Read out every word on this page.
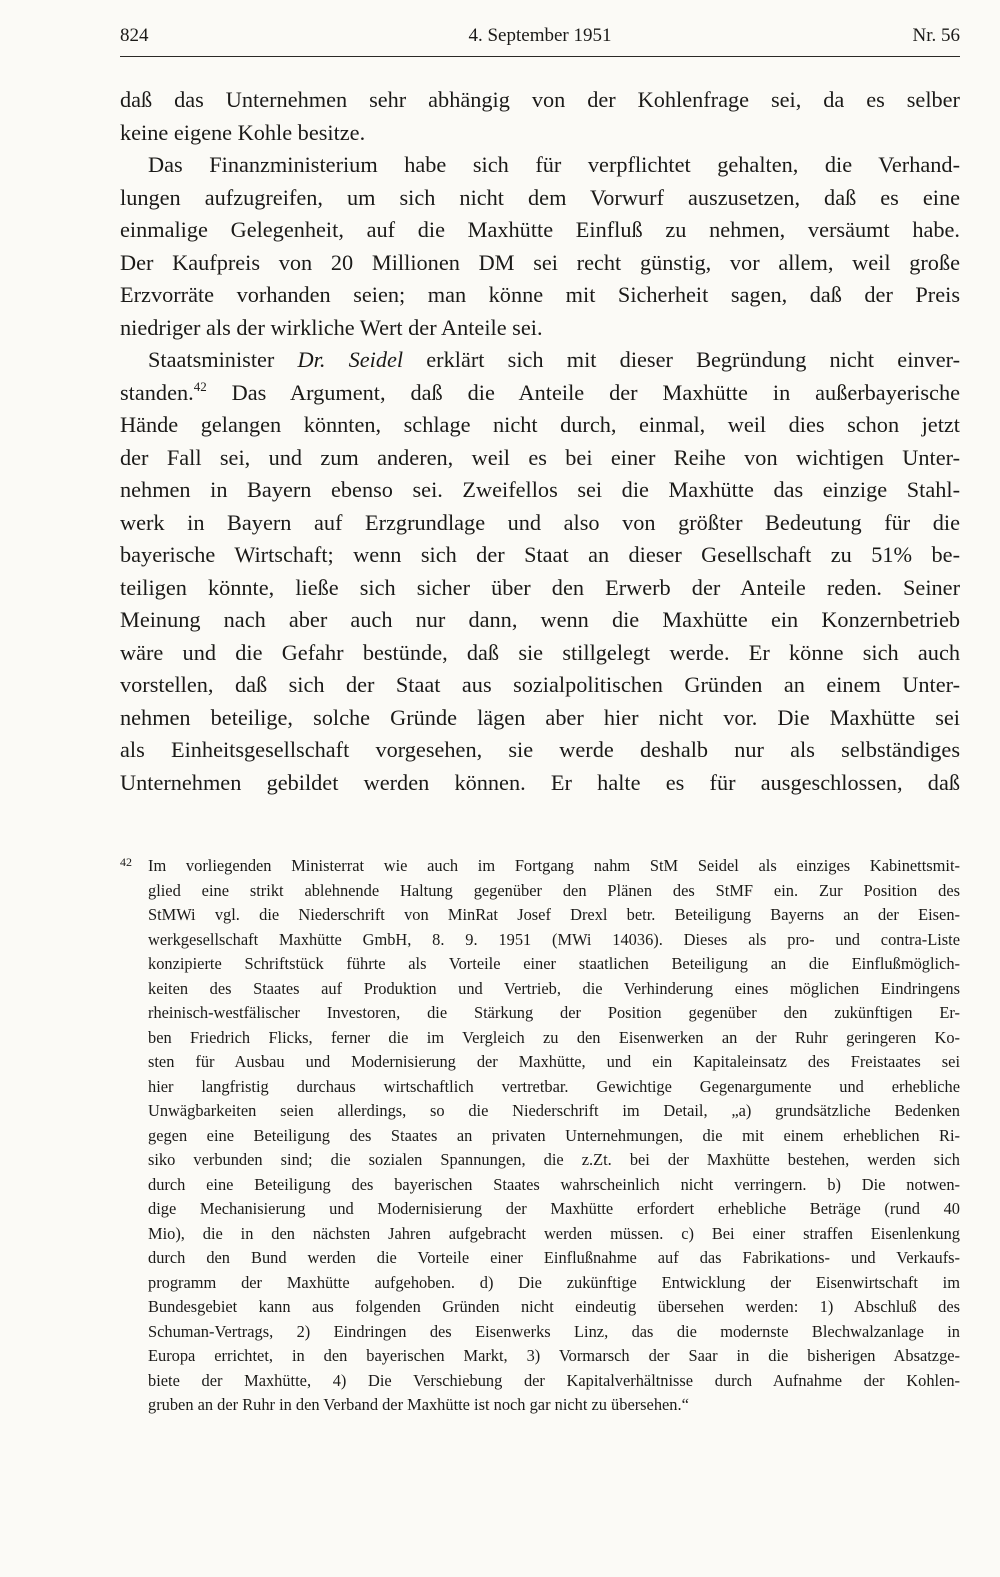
824	4. September 1951	Nr. 56
daß das Unternehmen sehr abhängig von der Kohlenfrage sei, da es selber
keine eigene Kohle besitze.
Das Finanzministerium habe sich für verpflichtet gehalten, die Verhand-
lungen aufzugreifen, um sich nicht dem Vorwurf auszusetzen, daß es eine
einmalige Gelegenheit, auf die Maxhütte Einfluß zu nehmen, versäumt habe.
Der Kaufpreis von 20 Millionen DM sei recht günstig, vor allem, weil große
Erzvorräte vorhanden seien; man könne mit Sicherheit sagen, daß der Preis
niedriger als der wirkliche Wert der Anteile sei.
Staatsminister Dr. Seidel erklärt sich mit dieser Begründung nicht einver-
standen.$^{42}$ Das Argument, daß die Anteile der Maxhütte in außerbayerische
Hände gelangen könnten, schlage nicht durch, einmal, weil dies schon jetzt
der Fall sei, und zum anderen, weil es bei einer Reihe von wichtigen Unter-
nehmen in Bayern ebenso sei. Zweifellos sei die Maxhütte das einzige Stahl-
werk in Bayern auf Erzgrundlage und also von größter Bedeutung für die
bayerische Wirtschaft; wenn sich der Staat an dieser Gesellschaft zu 51% be-
teiligen könnte, ließe sich sicher über den Erwerb der Anteile reden. Seiner
Meinung nach aber auch nur dann, wenn die Maxhütte ein Konzernbetrieb
wäre und die Gefahr bestünde, daß sie stillgelegt werde. Er könne sich auch
vorstellen, daß sich der Staat aus sozialpolitischen Gründen an einem Unter-
nehmen beteilige, solche Gründe lägen aber hier nicht vor. Die Maxhütte sei
als Einheitsgesellschaft vorgesehen, sie werde deshalb nur als selbständiges
Unternehmen gebildet werden können. Er halte es für ausgeschlossen, daß
42 Im vorliegenden Ministerrat wie auch im Fortgang nahm StM Seidel als einziges Kabinettsmit-
glied eine strikt ablehnende Haltung gegenüber den Plänen des StMF ein. Zur Position des
StMWi vgl. die Niederschrift von MinRat Josef Drexl betr. Beteiligung Bayerns an der Eisen-
werkgesellschaft Maxhütte GmbH, 8. 9. 1951 (MWi 14036). Dieses als pro- und contra-Liste
konzipierte Schriftstück führte als Vorteile einer staatlichen Beteiligung an die Einflußmöglich-
keiten des Staates auf Produktion und Vertrieb, die Verhinderung eines möglichen Eindringens
rheinisch-westfälischer Investoren, die Stärkung der Position gegenüber den zukünftigen Er-
ben Friedrich Flicks, ferner die im Vergleich zu den Eisenwerken an der Ruhr geringeren Ko-
sten für Ausbau und Modernisierung der Maxhütte, und ein Kapitaleinsatz des Freistaates sei
hier langfristig durchaus wirtschaftlich vertretbar. Gewichtige Gegenargumente und erhebliche
Unwägbarkeiten seien allerdings, so die Niederschrift im Detail, „a) grundsätzliche Bedenken
gegen eine Beteiligung des Staates an privaten Unternehmungen, die mit einem erheblichen Ri-
siko verbunden sind; die sozialen Spannungen, die z.Zt. bei der Maxhütte bestehen, werden sich
durch eine Beteiligung des bayerischen Staates wahrscheinlich nicht verringern. b) Die notwen-
dige Mechanisierung und Modernisierung der Maxhütte erfordert erhebliche Beträge (rund 40
Mio), die in den nächsten Jahren aufgebracht werden müssen. c) Bei einer straffen Eisenlenkung
durch den Bund werden die Vorteile einer Einflußnahme auf das Fabrikations- und Verkaufs-
programm der Maxhütte aufgehoben. d) Die zukünftige Entwicklung der Eisenwirtschaft im
Bundesgebiet kann aus folgenden Gründen nicht eindeutig übersehen werden: 1) Abschluß des
Schuman-Vertrags, 2) Eindringen des Eisenwerks Linz, das die modernste Blechwalzanlage in
Europa errichtet, in den bayerischen Markt, 3) Vormarsch der Saar in die bisherigen Absatzge-
biete der Maxhütte, 4) Die Verschiebung der Kapitalverhältnisse durch Aufnahme der Kohlen-
gruben an der Ruhr in den Verband der Maxhütte ist noch gar nicht zu übersehen.“
